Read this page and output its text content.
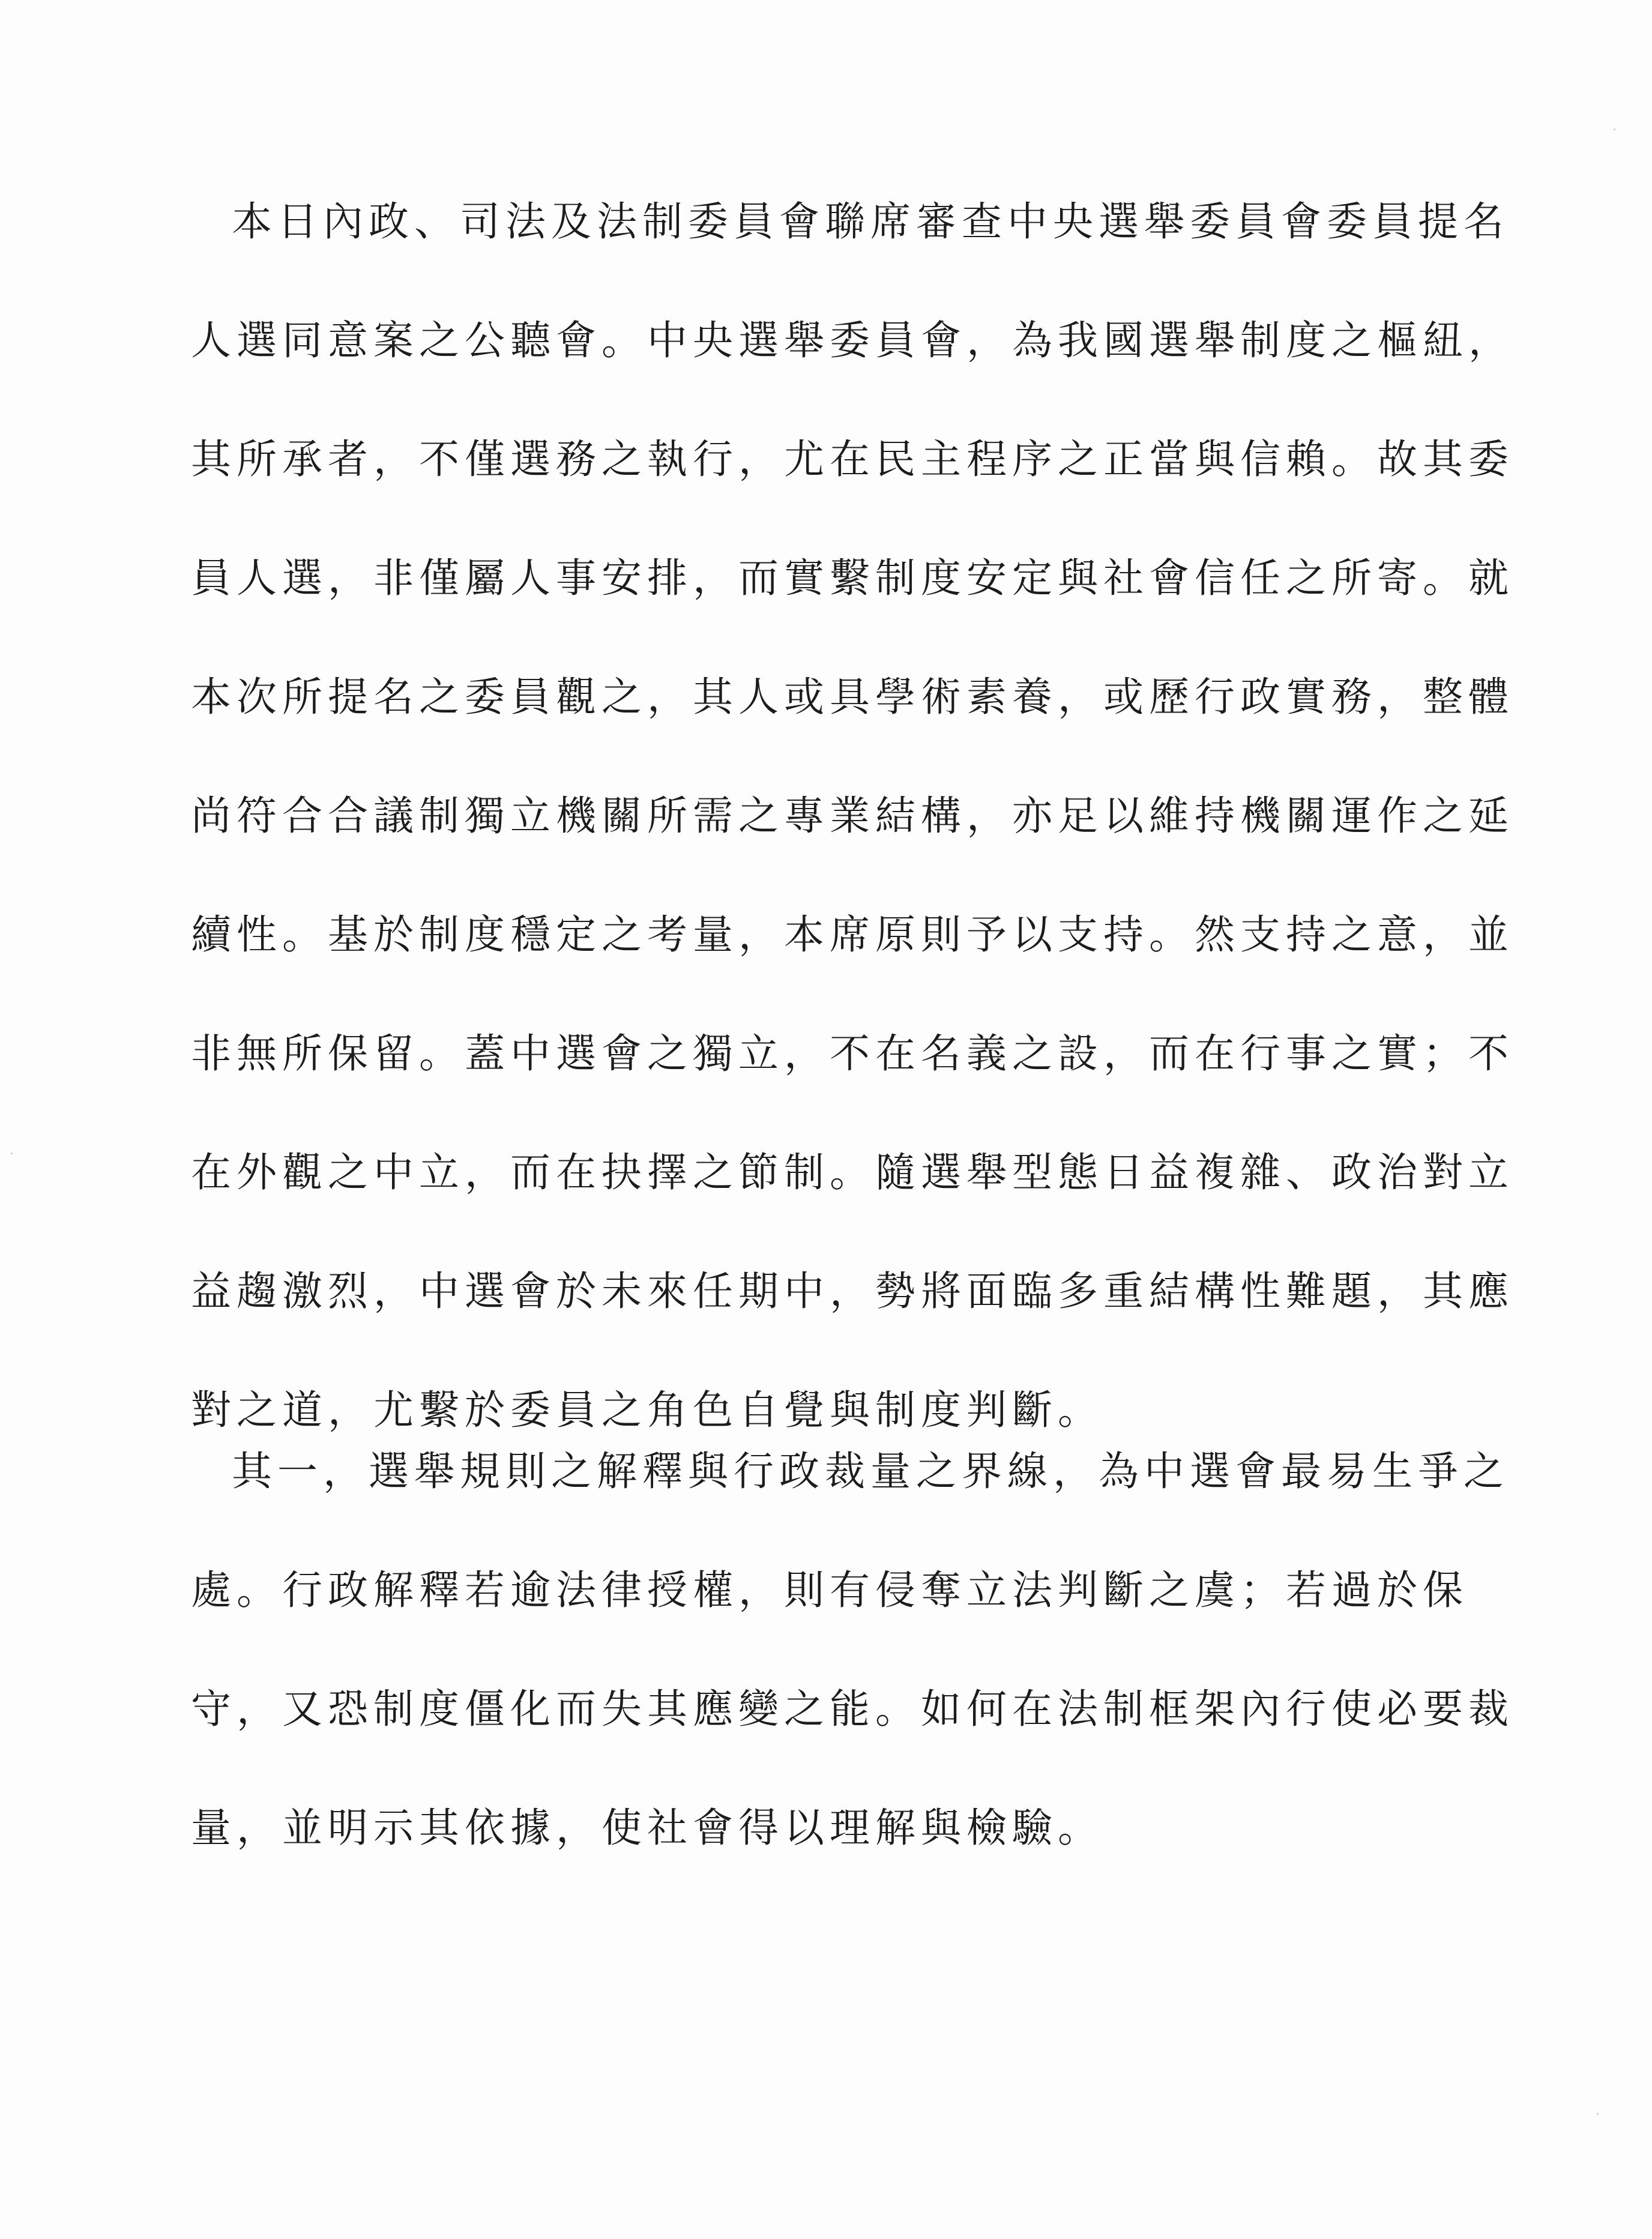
本日內政、司法及法制委員會聯席審查中央選舉委員會委員提名
人選同意案之公聽會。中央選舉委員會，為我國選舉制度之樞紐，
其所承者，不僅選務之執行，尤在民主程序之正當與信賴。故其委
員人選，非僅屬人事安排，而實繫制度安定與社會信任之所寄。就
本次所提名之委員觀之，其人或具學術素養，或歷行政實務，整體
尚符合合議制獨立機關所需之專業結構，亦足以維持機關運作之延
續性。基於制度穩定之考量，本席原則予以支持。然支持之意，並
非無所保留。蓋中選會之獨立，不在名義之設，而在行事之實；不
在外觀之中立，而在抉擇之節制。隨選舉型態日益複雜、政治對立
益趨激烈，中選會於未來任期中，勢將面臨多重結構性難題，其應
對之道，尤繫於委員之角色自覺與制度判斷。
其一，選舉規則之解釋與行政裁量之界線，為中選會最易生爭之
處。行政解釋若逾法律授權，則有侵奪立法判斷之虞；若過於保
守，又恐制度僵化而失其應變之能。如何在法制框架內行使必要裁
量，並明示其依據，使社會得以理解與檢驗。
